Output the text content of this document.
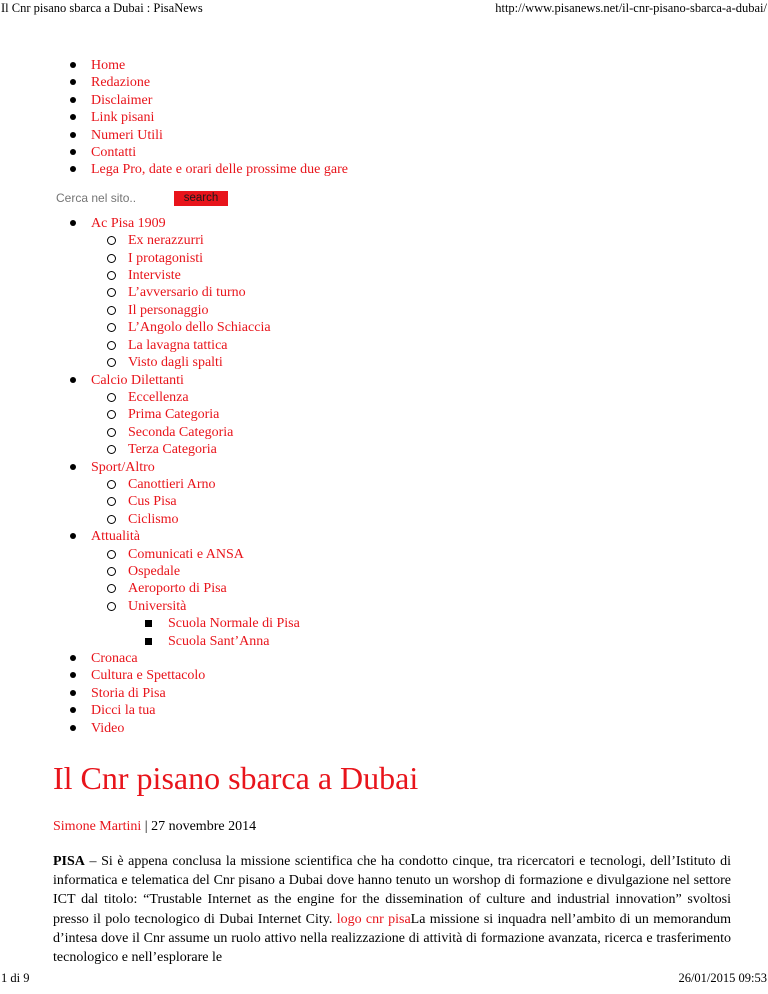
Il Cnr pisano sbarca a Dubai : PisaNews	http://www.pisanews.net/il-cnr-pisano-sbarca-a-dubai/
Home
Redazione
Disclaimer
Link pisani
Numeri Utili
Contatti
Lega Pro, date e orari delle prossime due gare
Cerca nel sito..
search
Ac Pisa 1909
Ex nerazzurri
I protagonisti
Interviste
L’avversario di turno
Il personaggio
L’Angolo dello Schiaccia
La lavagna tattica
Visto dagli spalti
Calcio Dilettanti
Eccellenza
Prima Categoria
Seconda Categoria
Terza Categoria
Sport/Altro
Canottieri Arno
Cus Pisa
Ciclismo
Attualità
Comunicati e ANSA
Ospedale
Aeroporto di Pisa
Università
Scuola Normale di Pisa
Scuola Sant’Anna
Cronaca
Cultura e Spettacolo
Storia di Pisa
Dicci la tua
Video
Il Cnr pisano sbarca a Dubai
Simone Martini | 27 novembre 2014

PISA – Si è appena conclusa la missione scientifica che ha condotto cinque, tra ricercatori e tecnologi, dell’Istituto di informatica e telematica del Cnr pisano a Dubai dove hanno tenuto un worshop di formazione e divulgazione nel settore ICT dal titolo: “Trustable Internet as the engine for the dissemination of culture and industrial innovation” svoltosi presso il polo tecnologico di Dubai Internet City. logo cnr pisaLa missione si inquadra nell’ambito di un memorandum d’intesa dove il Cnr assume un ruolo attivo nella realizzazione di attività di formazione avanzata, ricerca e trasferimento tecnologico e nell’esplorare le

1 di 9	26/01/2015 09:53
